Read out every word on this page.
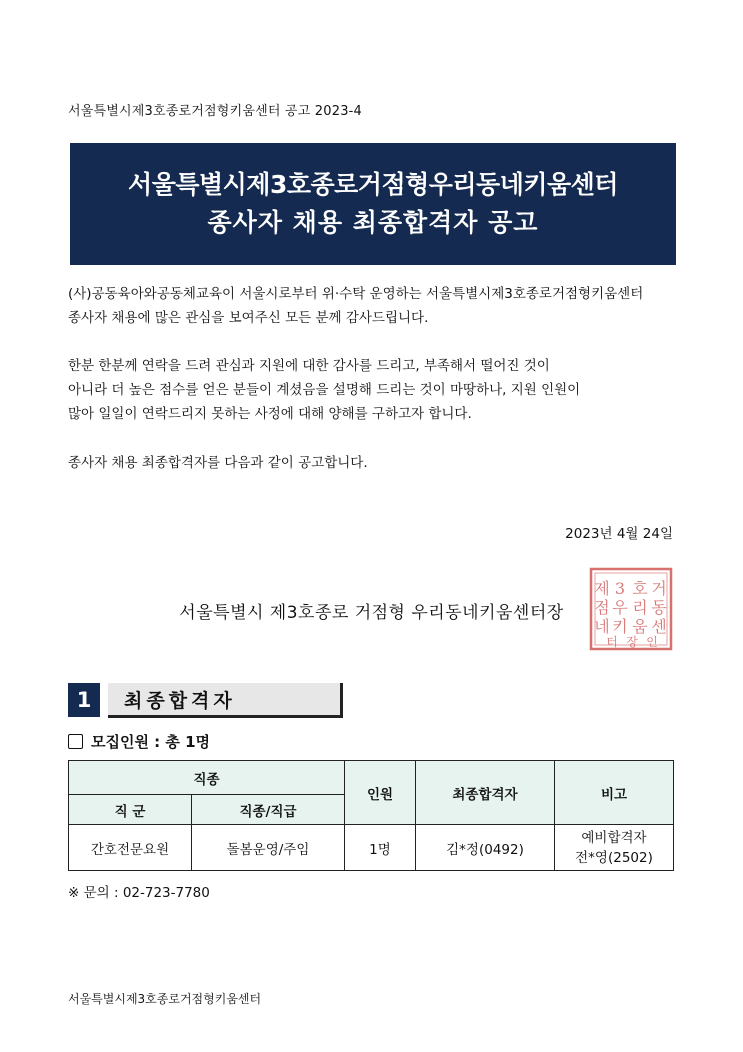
서울특별시제3호종로거점형키움센터 공고 2023-4
서울특별시제3호종로거점형우리동네키움센터
종사자 채용 최종합격자 공고
(사)공동육아와공동체교육이 서울시로부터 위·수탁 운영하는 서울특별시제3호종로거점형키움센터
종사자 채용에 많은 관심을 보여주신 모든 분께 감사드립니다.
한분 한분께 연락을 드려 관심과 지원에 대한 감사를 드리고, 부족해서 떨어진 것이
아니라 더 높은 점수를 얻은 분들이 계셨음을 설명해 드리는 것이 마땅하나, 지원 인원이
많아 일일이 연락드리지 못하는 사정에 대해 양해를 구하고자 합니다.
종사자 채용 최종합격자를 다음과 같이 공고합니다.
2023년 4월 24일
서울특별시 제3호종로 거점형 우리동네키움센터장
제 3 호 거
점 우 리 동
네 키 움 센
터 장 인
1	최종합격자
모집인원 : 총 1명
직종		인원	최종합격자	비고
직 군	직종/직급			
간호전문요원	돌봄운영/주임	1명	김*정(0492)	예비합격자
전*영(2502)
※ 문의 : 02-723-7780
서울특별시제3호종로거점형키움센터
